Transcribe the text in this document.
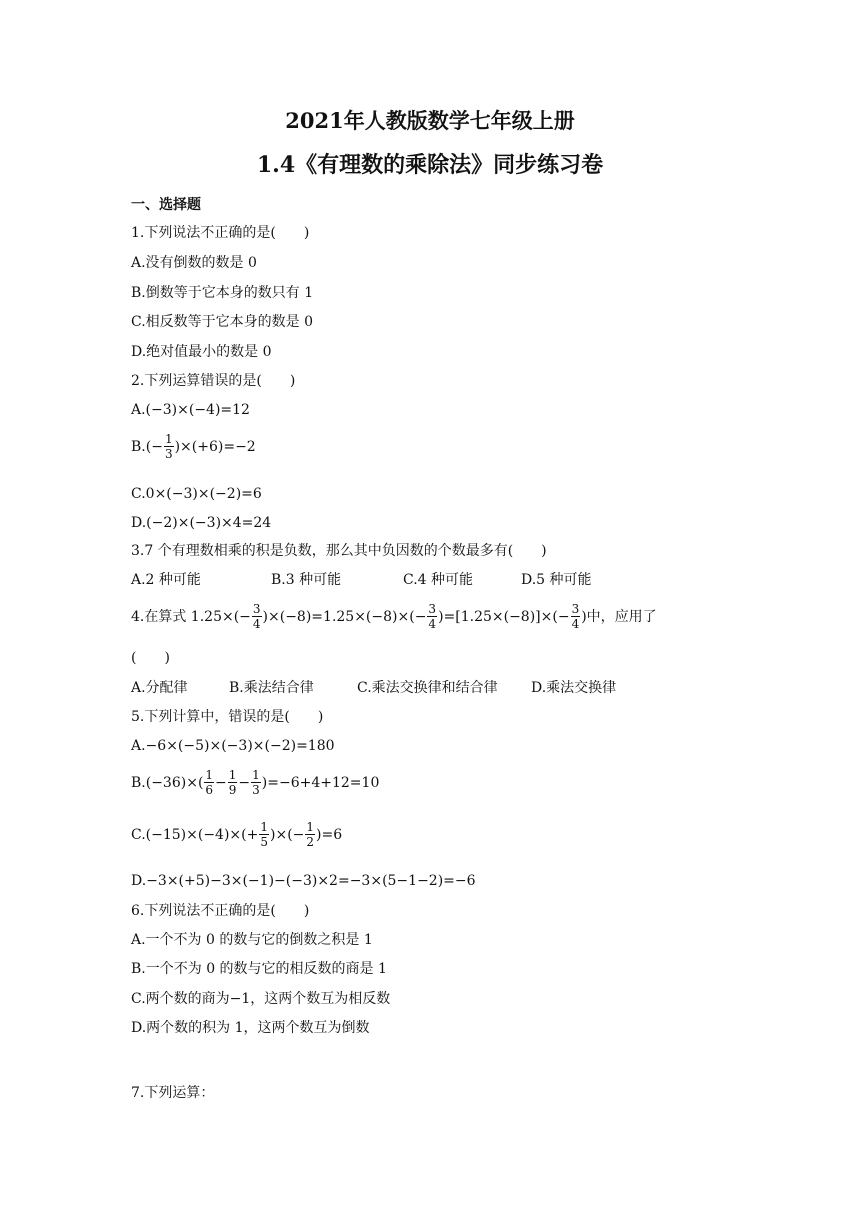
2021年人教版数学七年级上册
1.4《有理数的乘除法》同步练习卷
一、选择题
1.下列说法不正确的是(　　)
A.没有倒数的数是 0
B.倒数等于它本身的数只有 1
C.相反数等于它本身的数是 0
D.绝对值最小的数是 0
2.下列运算错误的是(　　)
A.(−3)×(−4)=12
$B.(- \frac{1}{3} )\times(+6)=-2$
C.0×(−3)×(−2)=6
D.(−2)×(−3)×4=24
3.7 个有理数相乘的积是负数，那么其中负因数的个数最多有(　　)
A.2 种可能	B.3 种可能	C.4 种可能	D.5 种可能
4.在算式 $1.25\times(- \frac{3}{4} )\times(-8)=1.25\times(-8)\times(- \frac{3}{4} )=[1.25\times(-8)]\times(- \frac{3}{4}$ )中，应用了
(　　)
A.分配律	B.乘法结合律	C.乘法交换律和结合律 D.乘法交换律
5.下列计算中，错误的是(　　)
A.−6×(−5)×(−3)×(−2)=180
$B.(-36)\times( \frac{1}{6} - \frac{1}{9} - \frac{1}{3} )=-6+4+12=10$
$C.(-15)\times(-4)\times(+ \frac{1}{5}$ )×(− $\frac{1}{2} )=6$
D.−3×(+5)−3×(−1)−(−3)×2=−3×(5−1−2)=−6
6.下列说法不正确的是(　　)
A.一个不为 0 的数与它的倒数之积是 1
B.一个不为 0 的数与它的相反数的商是 1
C.两个数的商为−1，这两个数互为相反数
D.两个数的积为 1，这两个数互为倒数
7.下列运算：
